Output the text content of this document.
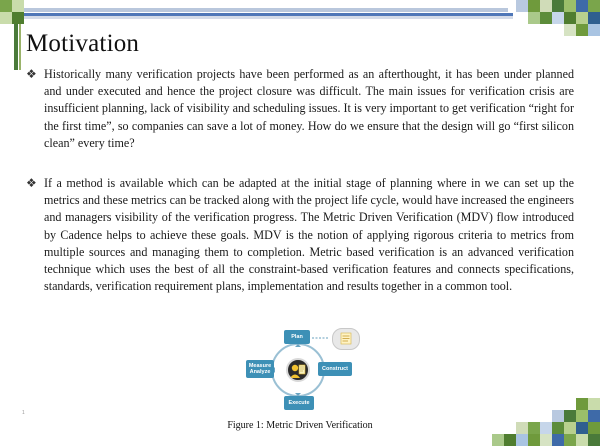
Motivation

❖ Historically many verification projects have been performed as an afterthought, it has been under planned and under executed and hence the project closure was difficult. The main issues for verification crisis are insufficient planning, lack of visibility and scheduling issues. It is very important to get verification “right for the first time”, so companies can save a lot of money. How do we ensure that the design will go “first silicon clean” every time?

❖ If a method is available which can be adapted at the initial stage of planning where in we can set up the metrics and these metrics can be tracked along with the project life cycle, would have increased the engineers and managers visibility of the verification progress. The Metric Driven Verification (MDV) flow introduced by Cadence helps to achieve these goals. MDV is the notion of applying rigorous criteria to metrics from multiple sources and managing them to completion. Metric based verification is an advanced verification technique which uses the best of all the constraint-based verification features and connects specifications, standards, verification requirement plans, implementation and results together in a common tool.

Plan
Construct
Execute
Measure
Analyze
Figure 1: Metric Driven Verification
1
